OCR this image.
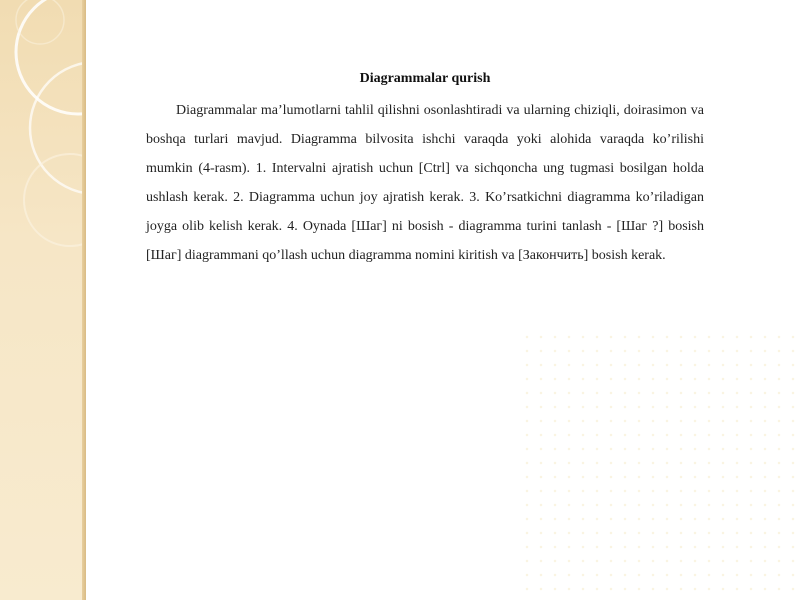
Diagrammalar qurish

Diagrammalar ma’lumotlarni tahlil qilishni osonlashtiradi va ularning chiziqli, doirasimon va boshqa turlari mavjud. Diagramma bilvosita ishchi varaqda yoki alohida varaqda ko’rilishi mumkin (4-rasm). 1. Intervalni ajratish uchun [Ctrl] va sichqoncha ung tugmasi bosilgan holda ushlash kerak. 2. Diagramma uchun joy ajratish kerak. 3. Ko’rsatkichni diagramma ko’riladigan joyga olib kelish kerak. 4. Oynada [Шаг] ni bosish - diagramma turini tanlash - [Шаг ?] bosish [Шаг] diagrammani qo’llash uchun diagramma nomini kiritish va [Закончить] bosish kerak.
